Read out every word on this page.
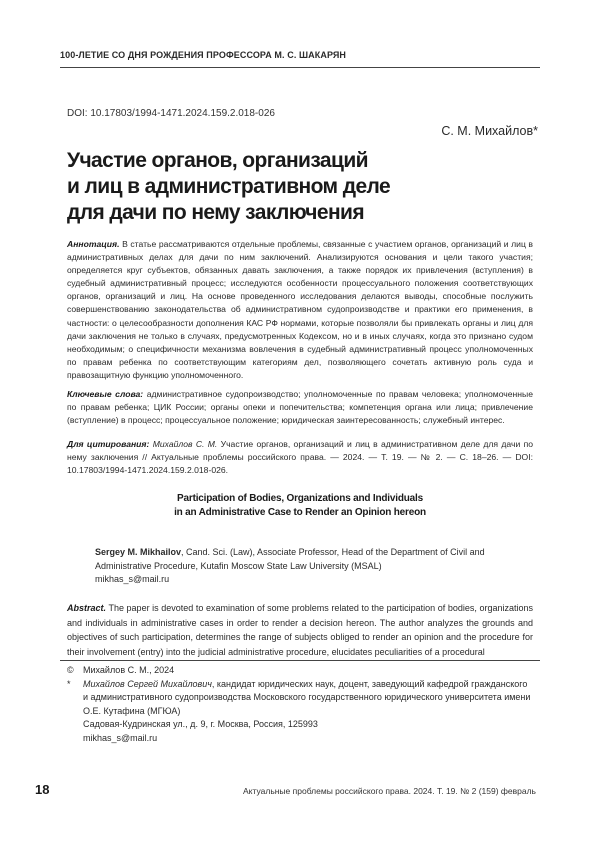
100-ЛЕТИЕ СО ДНЯ РОЖДЕНИЯ ПРОФЕССОРА М. С. ШАКАРЯН
DOI: 10.17803/1994-1471.2024.159.2.018-026
С. М. Михайлов*
Участие органов, организаций
и лиц в административном деле
для дачи по нему заключения

Аннотация. В статье рассматриваются отдельные проблемы, связанные с участием органов, организаций и лиц в административных делах для дачи по ним заключений. Анализируются основания и цели такого участия; определяется круг субъектов, обязанных давать заключения, а также порядок их привлечения (вступления) в судебный административный процесс; исследуются особенности процессуального положения соответствующих органов, организаций и лиц. На основе проведенного исследования делаются выводы, способные послужить совершенствованию законодательства об административном судопроизводстве и практики его применения, в частности: о целесообразности дополнения КАС РФ нормами, которые позволяли бы привлекать органы и лиц для дачи заключения не только в случаях, предусмотренных Кодексом, но и в иных случаях, когда это признано судом необходимым; о специфичности механизма вовлечения в судебный административный процесс уполномоченных по правам ребенка по соответствующим категориям дел, позволяющего сочетать активную роль суда и правозащитную функцию уполномоченного.

Ключевые слова: административное судопроизводство; уполномоченные по правам человека; уполномоченные по правам ребенка; ЦИК России; органы опеки и попечительства; компетенция органа или лица; привлечение (вступление) в процесс; процессуальное положение; юридическая заинтересованность; служебный интерес.

Для цитирования: Михайлов С. М. Участие органов, организаций и лиц в административном деле для дачи по нему заключения // Актуальные проблемы российского права. — 2024. — Т. 19. — № 2. — С. 18–26. — DOI: 10.17803/1994-1471.2024.159.2.018-026.

Participation of Bodies, Organizations and Individuals
in an Administrative Case to Render an Opinion hereon
Sergey M. Mikhailov, Cand. Sci. (Law), Associate Professor, Head of the Department of Civil and Administrative Procedure, Kutafin Moscow State Law University (MSAL)
mikhas_s@mail.ru

Abstract. The paper is devoted to examination of some problems related to the participation of bodies, organizations and individuals in administrative cases in order to render a decision hereon. The author analyzes the grounds and objectives of such participation, determines the range of subjects obliged to render an opinion and the procedure for their involvement (entry) into the judicial administrative procedure, elucidates peculiarities of a procedural

© Михайлов С. М., 2024
* Михайлов Сергей Михайлович, кандидат юридических наук, доцент, заведующий кафедрой гражданского и административного судопроизводства Московского государственного юридического университета имени О.Е. Кутафина (МГЮА)
Садовая-Кудринская ул., д. 9, г. Москва, Россия, 125993
mikhas_s@mail.ru
18	Актуальные проблемы российского права. 2024. Т. 19. № 2 (159) февраль
